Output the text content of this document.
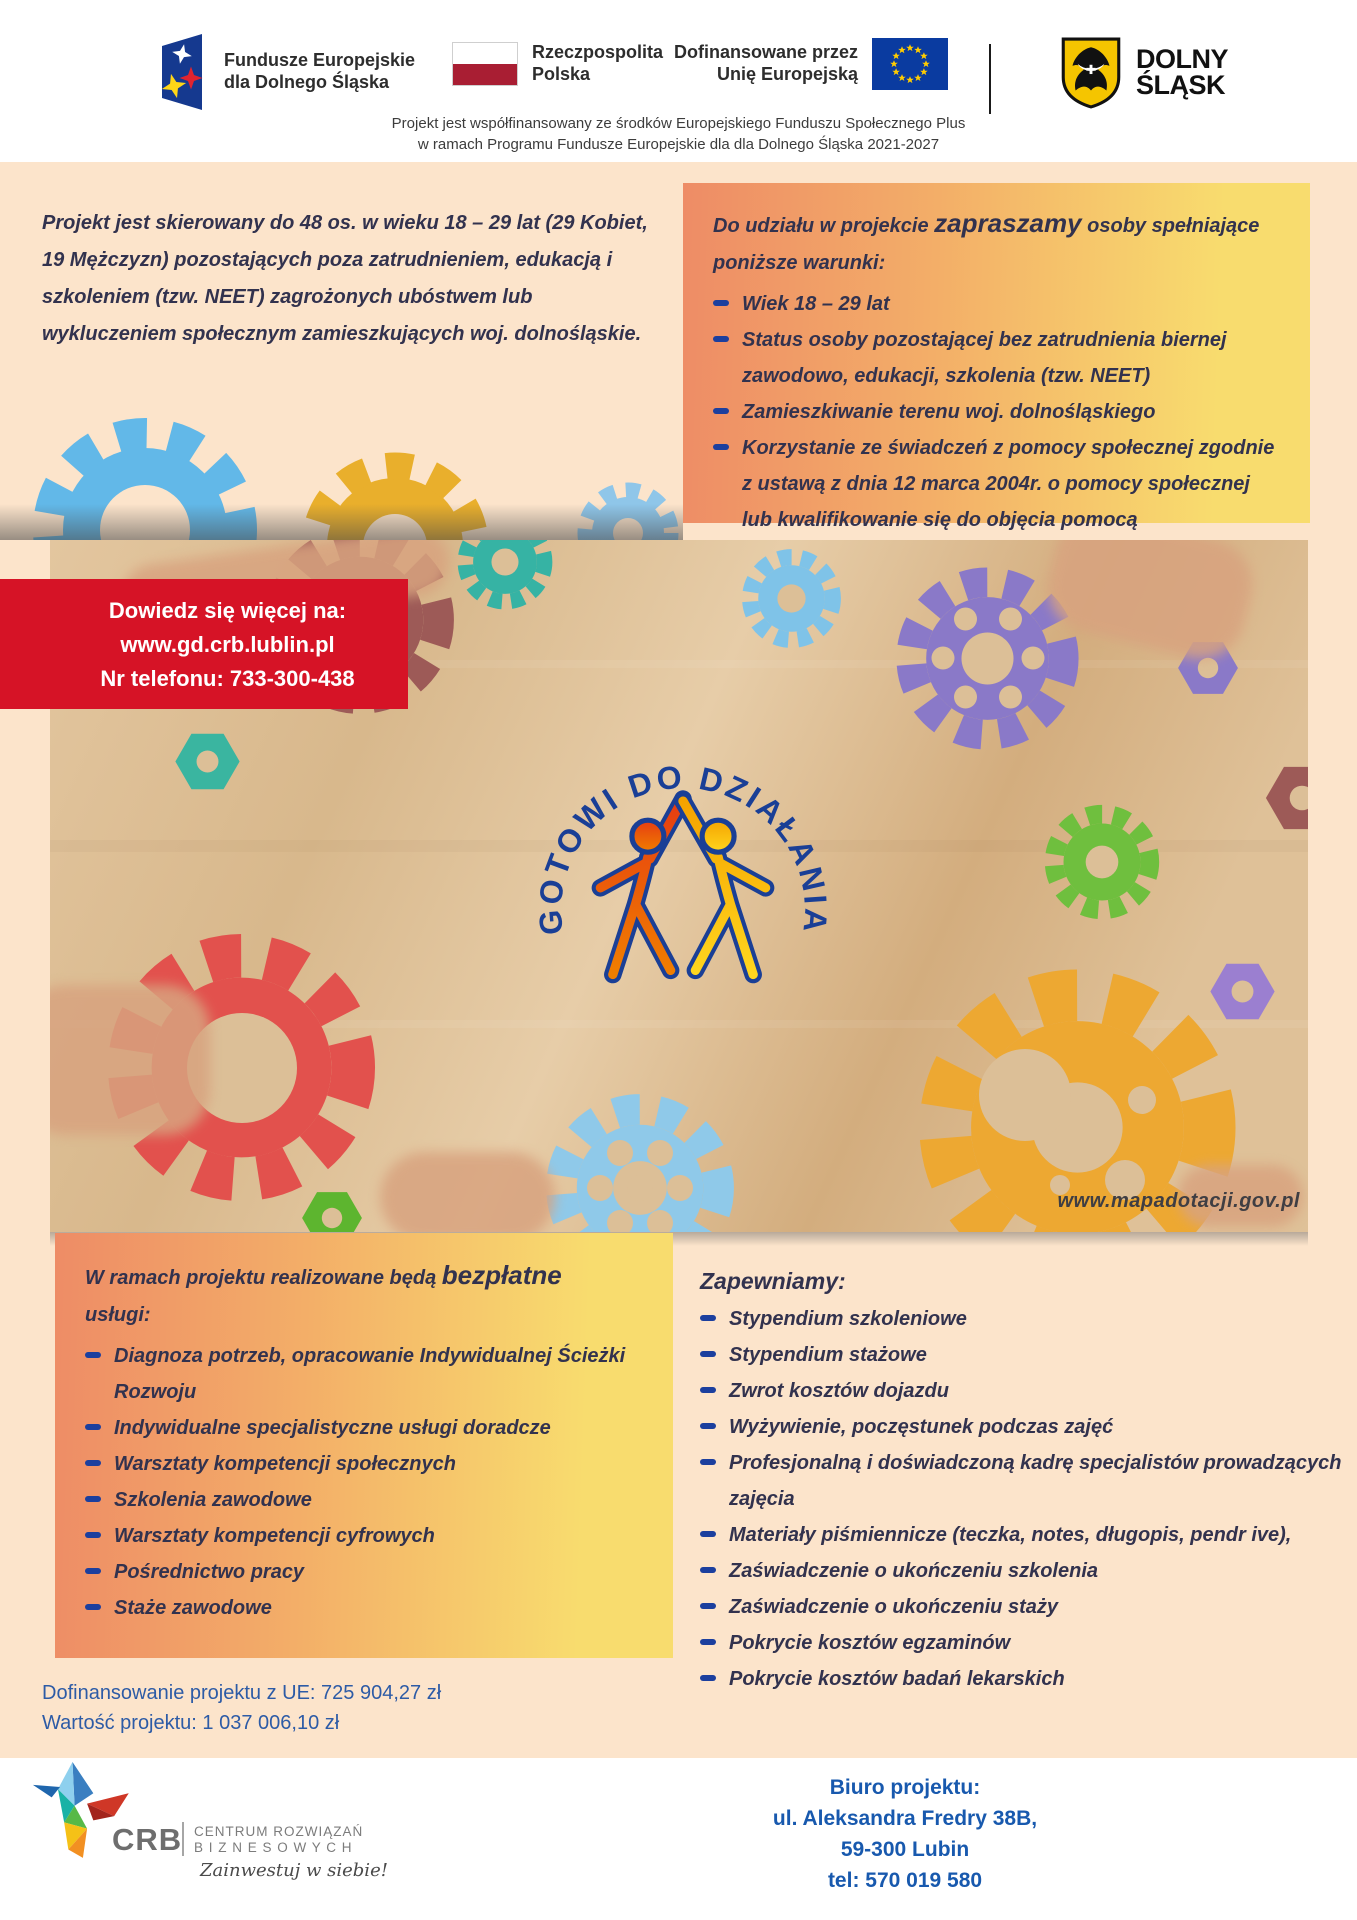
Fundusze Europejskie
dla Dolnego Śląska
Rzeczpospolita
Polska
Dofinansowane przez
Unię Europejską	DOLNY
ŚLĄSK
Projekt jest współfinansowany ze środków Europejskiego Funduszu Społecznego Plus
w ramach Programu Fundusze Europejskie dla dla Dolnego Śląska 2021-2027
Projekt jest skierowany do 48 os. w wieku 18 – 29 lat (29 Kobiet, 19 Mężczyzn) pozostających poza zatrudnieniem, edukacją i szkoleniem (tzw. NEET) zagrożonych ubóstwem lub wykluczeniem społecznym zamieszkujących woj. dolnośląskie.
Do udziału w projekcie zapraszamy osoby spełniające poniższe warunki:
Wiek 18 – 29 lat
Status osoby pozostającej bez zatrudnienia biernej zawodowo, edukacji, szkolenia (tzw. NEET)
Zamieszkiwanie terenu woj. dolnośląskiego
Korzystanie ze świadczeń z pomocy społecznej zgodnie z ustawą z dnia 12 marca 2004r. o pomocy społecznej lub kwalifikowanie się do objęcia pomocą
GOTOWI DO DZIAŁANIA
www.mapadotacji.gov.pl
Dowiedz się więcej na:
www.gd.crb.lublin.pl
Nr telefonu: 733-300-438
W ramach projektu realizowane będą bezpłatne
usługi:
Diagnoza potrzeb, opracowanie Indywidualnej Ścieżki Rozwoju
Indywidualne specjalistyczne usługi doradcze
Warsztaty kompetencji społecznych
Szkolenia zawodowe
Warsztaty kompetencji cyfrowych
Pośrednictwo pracy
Staże zawodowe
Zapewniamy:
Stypendium szkoleniowe
Stypendium stażowe
Zwrot kosztów dojazdu
Wyżywienie, poczęstunek podczas zajęć
Profesjonalną i doświadczoną kadrę specjalistów prowadzących zajęcia
Materiały piśmiennicze (teczka, notes, długopis, pendr ive),
Zaświadczenie o ukończeniu szkolenia
Zaświadczenie o ukończeniu staży
Pokrycie kosztów egzaminów
Pokrycie kosztów badań lekarskich
Dofinansowanie projektu z UE: 725 904,27 zł
Wartość projektu: 1 037 006,10 zł
CRB CENTRUM ROZWIĄZAŃ
B I Z N E S O W Y C H
Zainwestuj w siebie!
Biuro projektu:
ul. Aleksandra Fredry 38B,
59-300 Lubin
tel: 570 019 580
